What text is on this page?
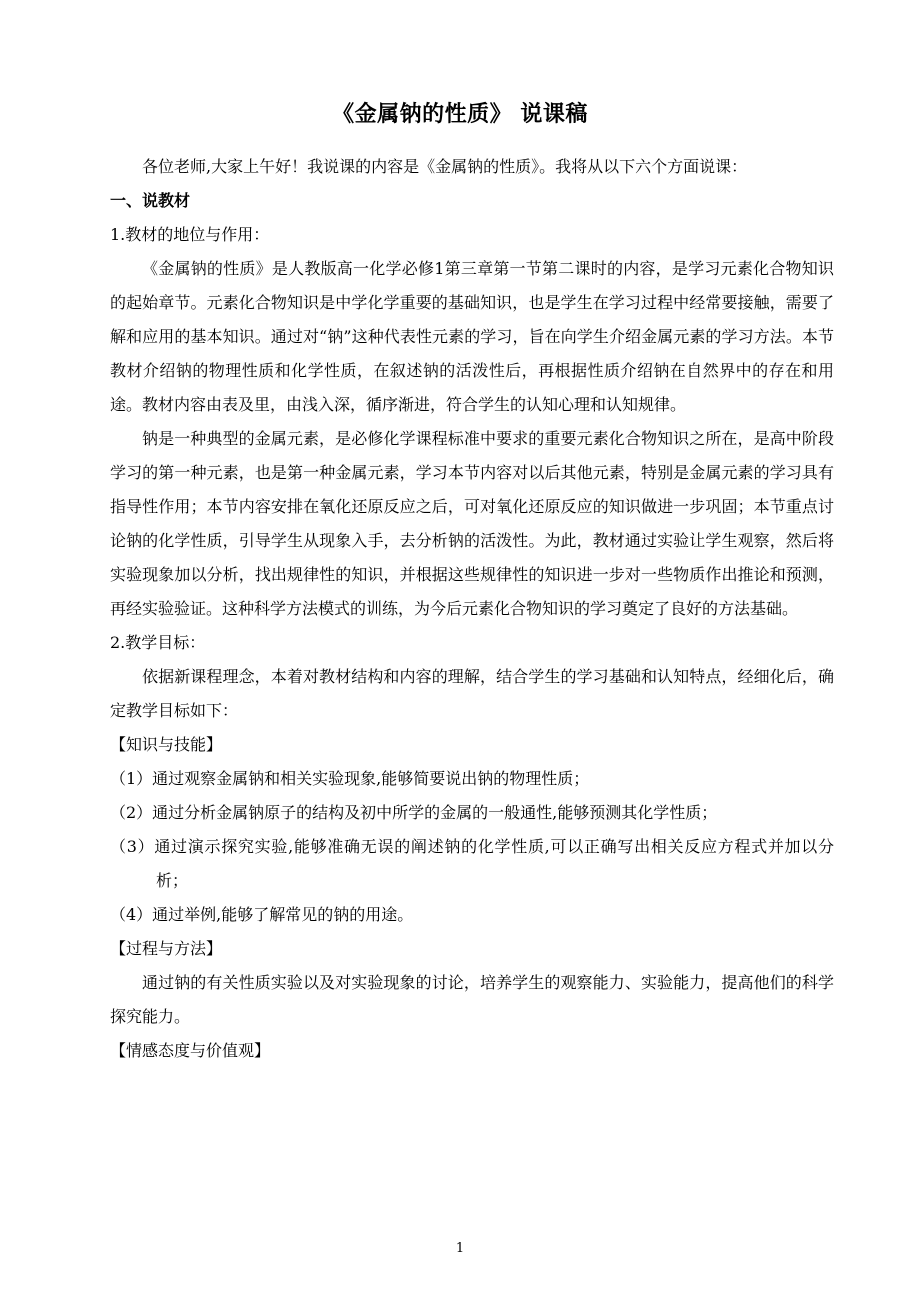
《金属钠的性质》 说课稿

各位老师,大家上午好！我说课的内容是《金属钠的性质》。我将从以下六个方面说课：

一、说教材

1.教材的地位与作用：

《金属钠的性质》是人教版高一化学必修1第三章第一节第二课时的内容，是学习元素化合物知识的起始章节。元素化合物知识是中学化学重要的基础知识，也是学生在学习过程中经常要接触，需要了解和应用的基本知识。通过对“钠”这种代表性元素的学习，旨在向学生介绍金属元素的学习方法。本节教材介绍钠的物理性质和化学性质，在叙述钠的活泼性后，再根据性质介绍钠在自然界中的存在和用途。教材内容由表及里，由浅入深，循序渐进，符合学生的认知心理和认知规律。

钠是一种典型的金属元素，是必修化学课程标准中要求的重要元素化合物知识之所在，是高中阶段学习的第一种元素，也是第一种金属元素，学习本节内容对以后其他元素，特别是金属元素的学习具有指导性作用；本节内容安排在氧化还原反应之后，可对氧化还原反应的知识做进一步巩固；本节重点讨论钠的化学性质，引导学生从现象入手，去分析钠的活泼性。为此，教材通过实验让学生观察，然后将实验现象加以分析，找出规律性的知识，并根据这些规律性的知识进一步对一些物质作出推论和预测，再经实验验证。这种科学方法模式的训练，为今后元素化合物知识的学习奠定了良好的方法基础。

2.教学目标：

依据新课程理念，本着对教材结构和内容的理解，结合学生的学习基础和认知特点，经细化后，确定教学目标如下：

【知识与技能】

（1）通过观察金属钠和相关实验现象,能够简要说出钠的物理性质；

（2）通过分析金属钠原子的结构及初中所学的金属的一般通性,能够预测其化学性质；

（3）通过演示探究实验,能够准确无误的阐述钠的化学性质,可以正确写出相关反应方程式并加以分析；

（4）通过举例,能够了解常见的钠的用途。

【过程与方法】

通过钠的有关性质实验以及对实验现象的讨论，培养学生的观察能力、实验能力，提高他们的科学探究能力。

【情感态度与价值观】

1
